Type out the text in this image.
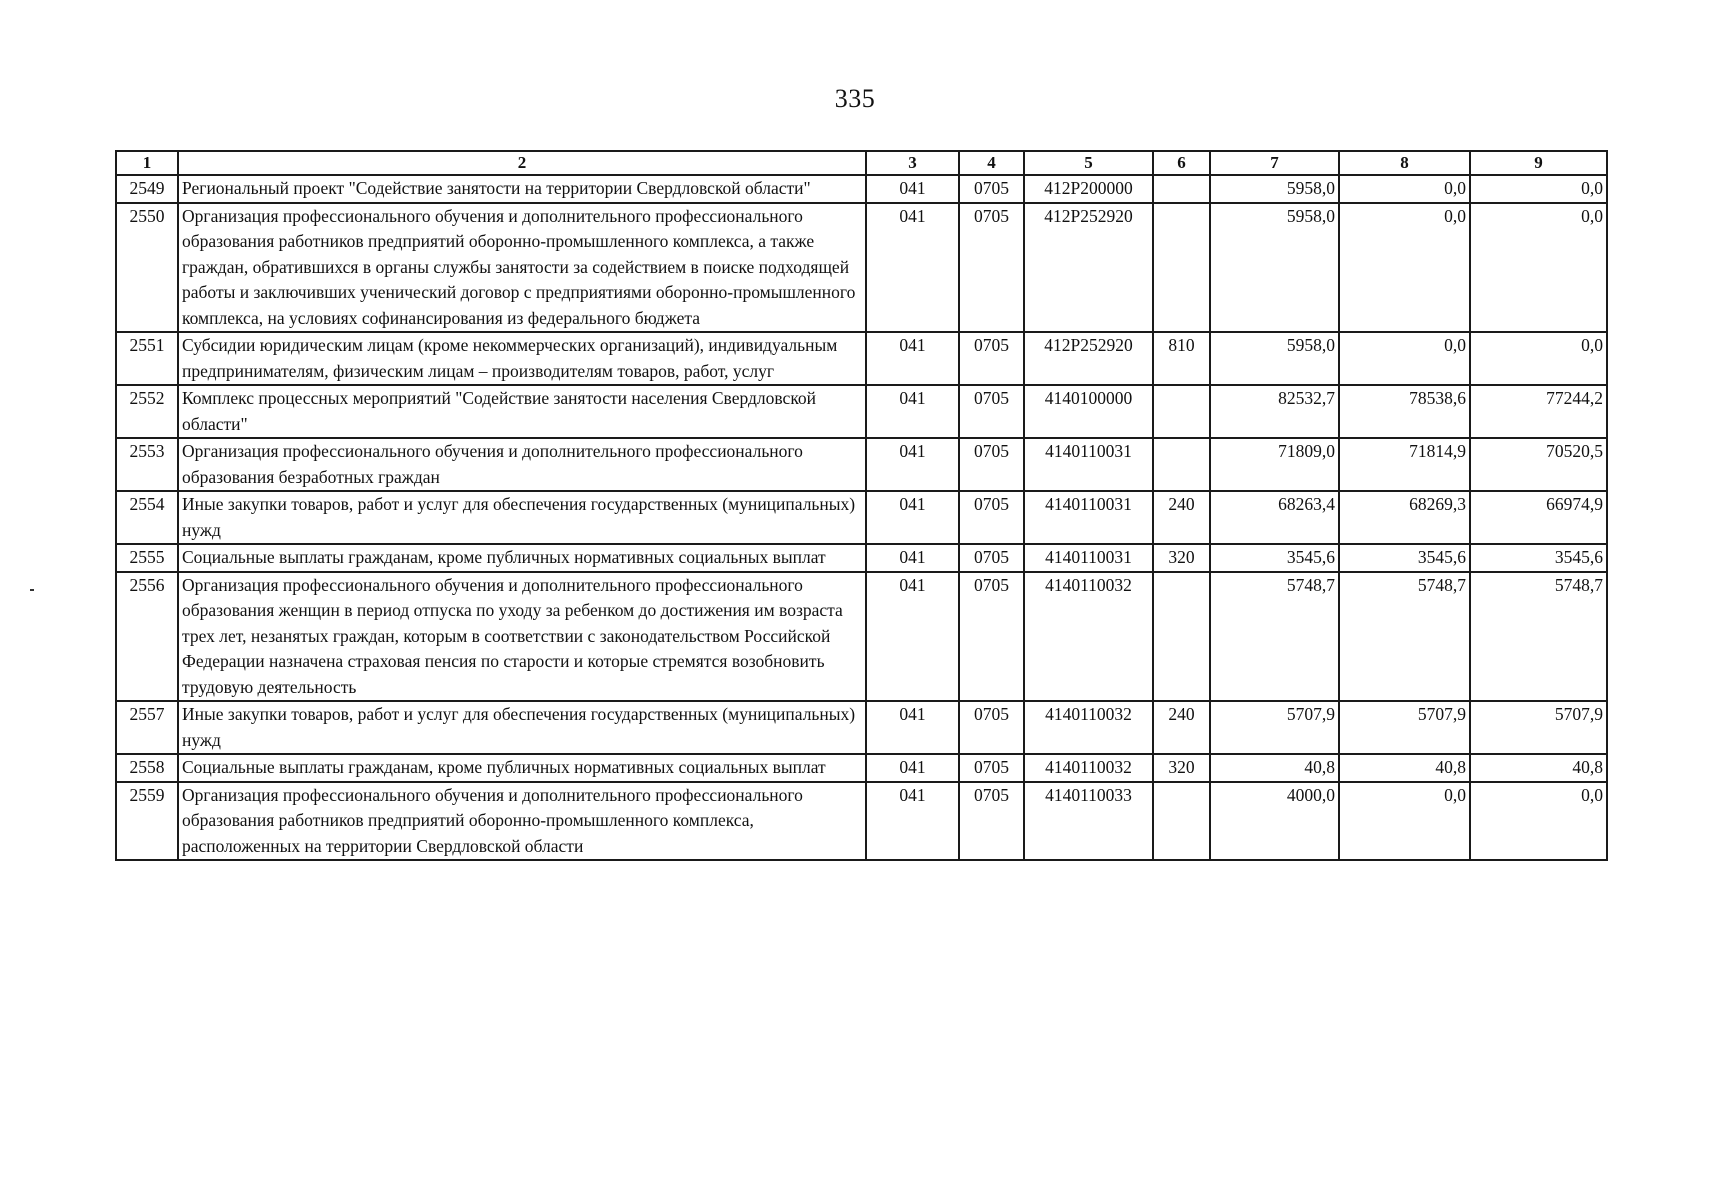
335
1	2	3	4	5	6	7	8	9
2549	Региональный проект "Содействие занятости на территории Свердловской области"	041	0705	412P200000		5958,0	0,0	0,0
2550	Организация профессионального обучения и дополнительного профессионального образования работников предприятий оборонно-промышленного комплекса, а также граждан, обратившихся в органы службы занятости за содействием в поиске подходящей работы и заключивших ученический договор с предприятиями оборонно-промышленного комплекса, на условиях софинансирования из федерального бюджета	041	0705	412P252920		5958,0	0,0	0,0
2551	Субсидии юридическим лицам (кроме некоммерческих организаций), индивидуальным предпринимателям, физическим лицам – производителям товаров, работ, услуг	041	0705	412P252920	810	5958,0	0,0	0,0
2552	Комплекс процессных мероприятий "Содействие занятости населения Свердловской области"	041	0705	4140100000		82532,7	78538,6	77244,2
2553	Организация профессионального обучения и дополнительного профессионального образования безработных граждан	041	0705	4140110031		71809,0	71814,9	70520,5
2554	Иные закупки товаров, работ и услуг для обеспечения государственных (муниципальных) нужд	041	0705	4140110031	240	68263,4	68269,3	66974,9
2555	Социальные выплаты гражданам, кроме публичных нормативных социальных выплат	041	0705	4140110031	320	3545,6	3545,6	3545,6
2556	Организация профессионального обучения и дополнительного профессионального образования женщин в период отпуска по уходу за ребенком до достижения им возраста трех лет, незанятых граждан, которым в соответствии с законодательством Российской Федерации назначена страховая пенсия по старости и которые стремятся возобновить трудовую деятельность	041	0705	4140110032		5748,7	5748,7	5748,7
2557	Иные закупки товаров, работ и услуг для обеспечения государственных (муниципальных) нужд	041	0705	4140110032	240	5707,9	5707,9	5707,9
2558	Социальные выплаты гражданам, кроме публичных нормативных социальных выплат	041	0705	4140110032	320	40,8	40,8	40,8
2559	Организация профессионального обучения и дополнительного профессионального образования работников предприятий оборонно-промышленного комплекса, расположенных на территории Свердловской области	041	0705	4140110033		4000,0	0,0	0,0
